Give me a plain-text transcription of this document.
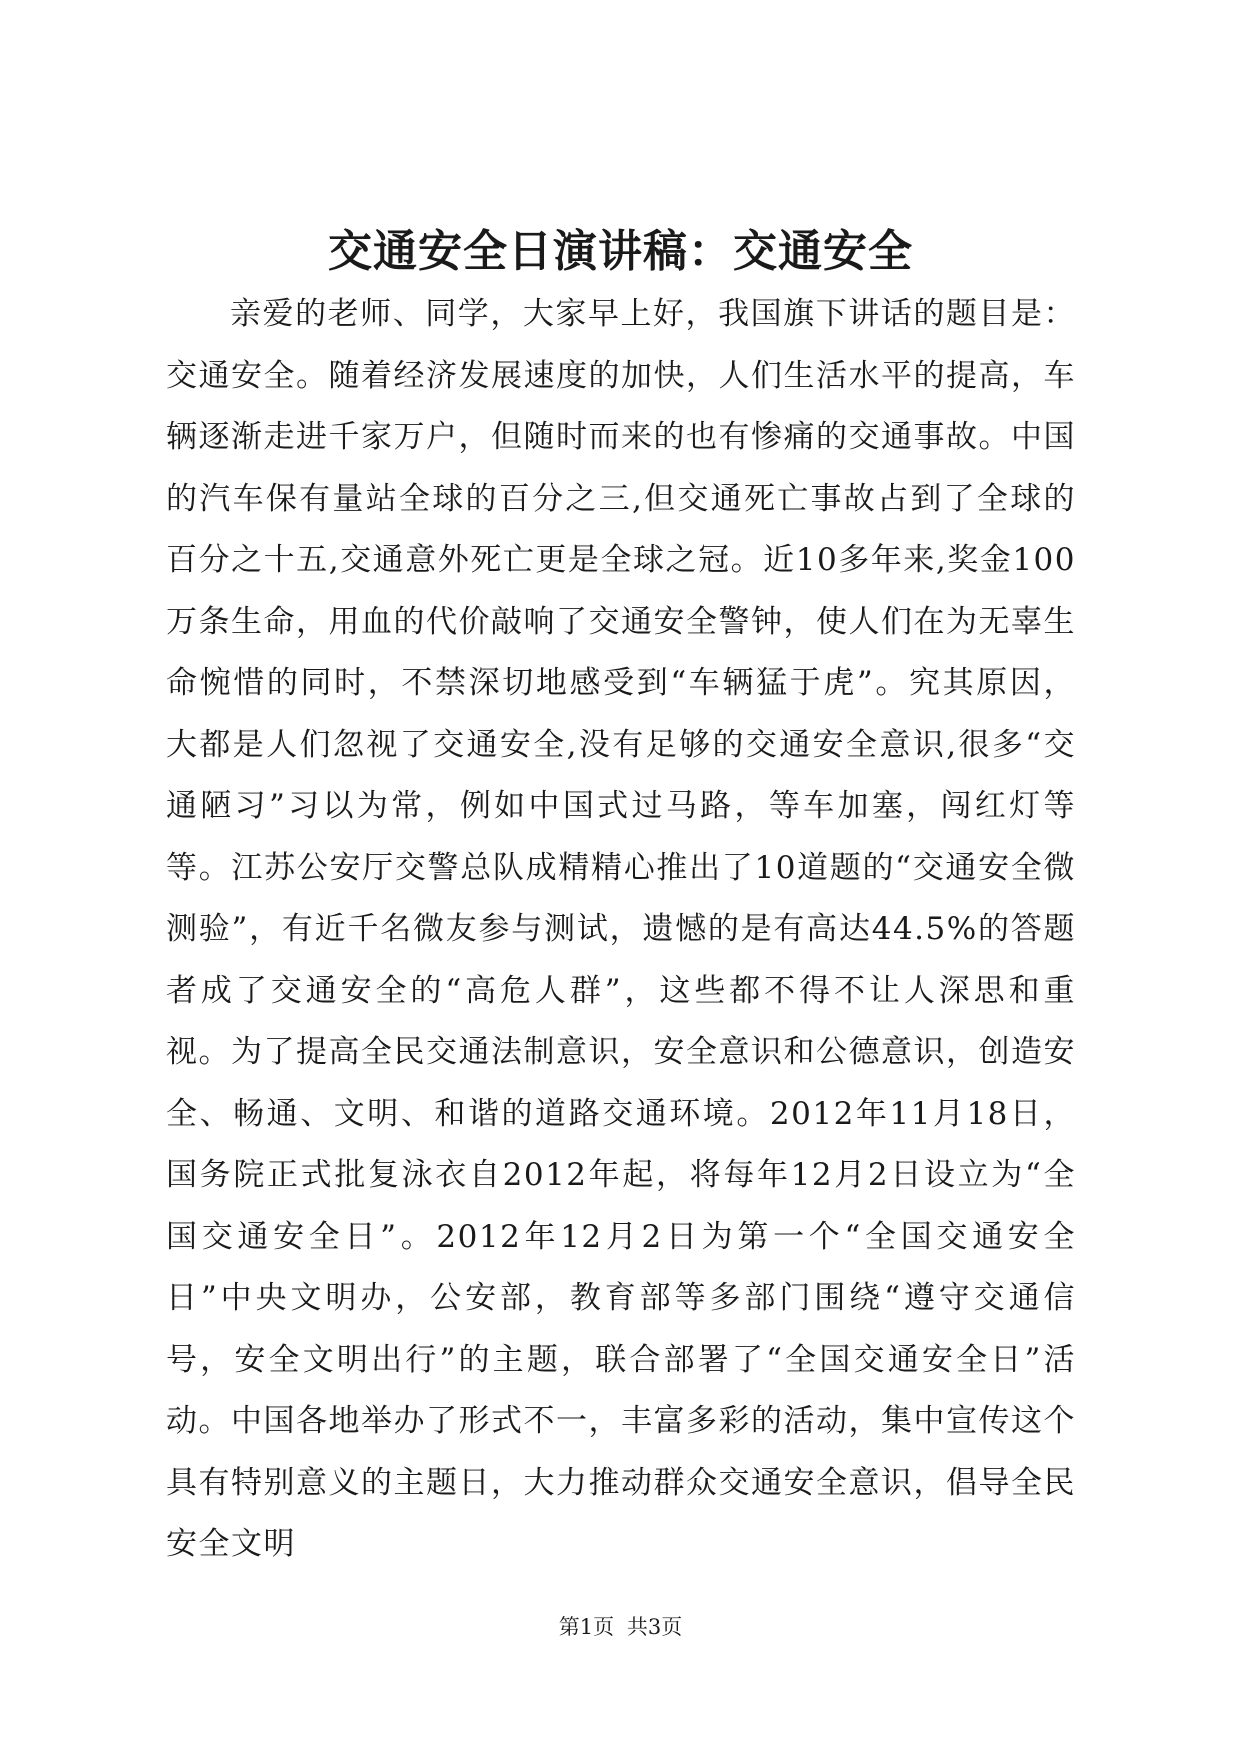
交通安全日演讲稿：交通安全

亲爱的老师、同学，大家早上好，我国旗下讲话的题目是：交通安全。随着经济发展速度的加快，人们生活水平的提高，车辆逐渐走进千家万户，但随时而来的也有惨痛的交通事故。中国的汽车保有量站全球的百分之三,但交通死亡事故占到了全球的百分之十五,交通意外死亡更是全球之冠。近10多年来,奖金100万条生命，用血的代价敲响了交通安全警钟，使人们在为无辜生命惋惜的同时，不禁深切地感受到“车辆猛于虎”。究其原因，大都是人们忽视了交通安全,没有足够的交通安全意识,很多“交通陋习”习以为常，例如中国式过马路，等车加塞，闯红灯等等。江苏公安厅交警总队成精精心推出了10道题的“交通安全微测验”，有近千名微友参与测试，遗憾的是有高达44.5%的答题者成了交通安全的“高危人群”，这些都不得不让人深思和重视。为了提高全民交通法制意识，安全意识和公德意识，创造安全、畅通、文明、和谐的道路交通环境。2012年11月18日，国务院正式批复泳衣自2012年起，将每年12月2日设立为“全国交通安全日”。2012年12月2日为第一个“全国交通安全日”中央文明办，公安部，教育部等多部门围绕“遵守交通信号，安全文明出行”的主题，联合部署了“全国交通安全日”活动。中国各地举办了形式不一，丰富多彩的活动，集中宣传这个具有特别意义的主题日，大力推动群众交通安全意识，倡导全民安全文明

第1页 共3页
